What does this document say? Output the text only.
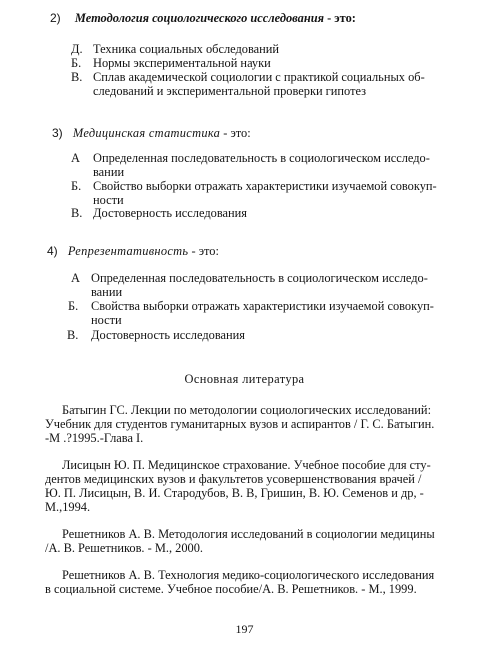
2) Методология социологического исследования - это:
Д. Техника социальных обследований
Б. Нормы экспериментальной науки
В. Сплав академической социологии с практикой социальных об-
следований и экспериментальной проверки гипотез
3) Медицинская статистика - это:
А Определенная последовательность в социологическом исследо-
вании
Б. Свойство выборки отражать характеристики изучаемой совокуп-
ности
В. Достоверность исследования
4) Репрезентативность - это:
А Определенная последовательность в социологическом исследо-
вании
Б. Свойства выборки отражать характеристики изучаемой совокуп-
ности
В. Достоверность исследования
Основная литература
Батыгин ГС. Лекции по методологии социологических исследований:
Учебник для студентов гуманитарных вузов и аспирантов / Г. С. Батыгин.
-М .?1995.-Глава I.
Лисицын Ю. П. Медицинское страхование. Учебное пособие для сту-
дентов медицинских вузов и факультетов усовершенствования врачей /
Ю. П. Лисицын, В. И. Стародубов, В. В, Гришин, В. Ю. Семенов и др, -
М.,1994.
Решетников А. В. Методология исследований в социологии медицины
/А. В. Решетников. - М., 2000.
Решетников А. В. Технология медико-социологического исследования
в социальной системе. Учебное пособие/А. В. Решетников. - М., 1999.
197
